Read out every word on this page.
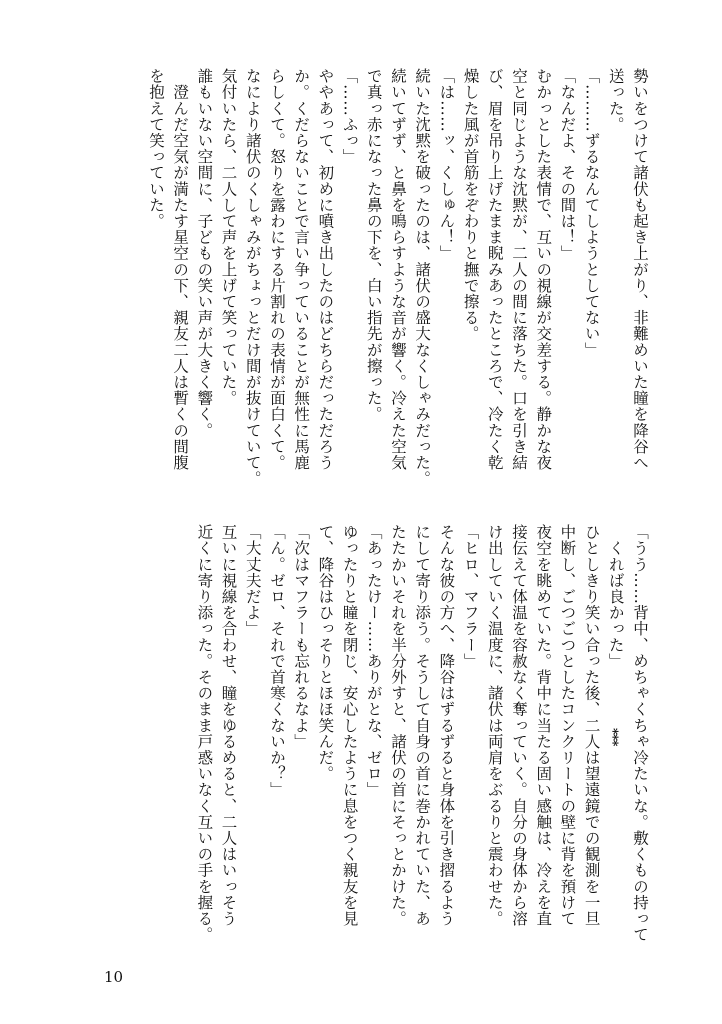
勢いをつけて諸伏も起き上がり、非難めいた瞳を降谷へ
送った。
「………ずるなんてしようとしてない」
「なんだよ、その間は！」
むかっとした表情で、互いの視線が交差する。静かな夜
空と同じような沈黙が、二人の間に落ちた。口を引き結
び、眉を吊り上げたまま睨みあったところで、冷たく乾
燥した風が首筋をぞわりと撫で擦る。
「は……ッ、くしゅん！」
続いた沈黙を破ったのは、諸伏の盛大なくしゃみだった。
続いてずず、と鼻を鳴らすような音が響く。冷えた空気
で真っ赤になった鼻の下を、白い指先が擦った。
「……ふっ」
ややあって、初めに噴き出したのはどちらだっただろう
か。くだらないことで言い争っていることが無性に馬鹿
らしくて。怒りを露わにする片割れの表情が面白くて。
なにより諸伏のくしゃみがちょっとだけ間が抜けていて。
気付いたら、二人して声を上げて笑っていた。
誰もいない空間に、子どもの笑い声が大きく響く。
　澄んだ空気が満たす星空の下、親友二人は暫くの間腹
を抱えて笑っていた。
*** 「うう……背中、めちゃくちゃ冷たいな。敷くもの持って
　くれば良かった」
ひとしきり笑い合った後、二人は望遠鏡での観測を一旦
中断し、ごつごつとしたコンクリートの壁に背を預けて
夜空を眺めていた。背中に当たる固い感触は、冷えを直
接伝えて体温を容赦なく奪っていく。自分の身体から溶
け出していく温度に、諸伏は両肩をぶるりと震わせた。
「ヒロ、マフラー」
そんな彼の方へ、降谷はずるずると身体を引き摺るよう
にして寄り添う。そうして自身の首に巻かれていた、あ
たたかいそれを半分外すと、諸伏の首にそっとかけた。
「あったけー……ありがとな、ゼロ」
ゆったりと瞳を閉じ、安心したように息をつく親友を見
て、降谷はひっそりとほほ笑んだ。
「次はマフラーも忘れるなよ」
「ん。ゼロ、それで首寒くないか？」
「大丈夫だよ」
互いに視線を合わせ、瞳をゆるめると、二人はいっそう
近くに寄り添った。そのまま戸惑いなく互いの手を握る。
10
